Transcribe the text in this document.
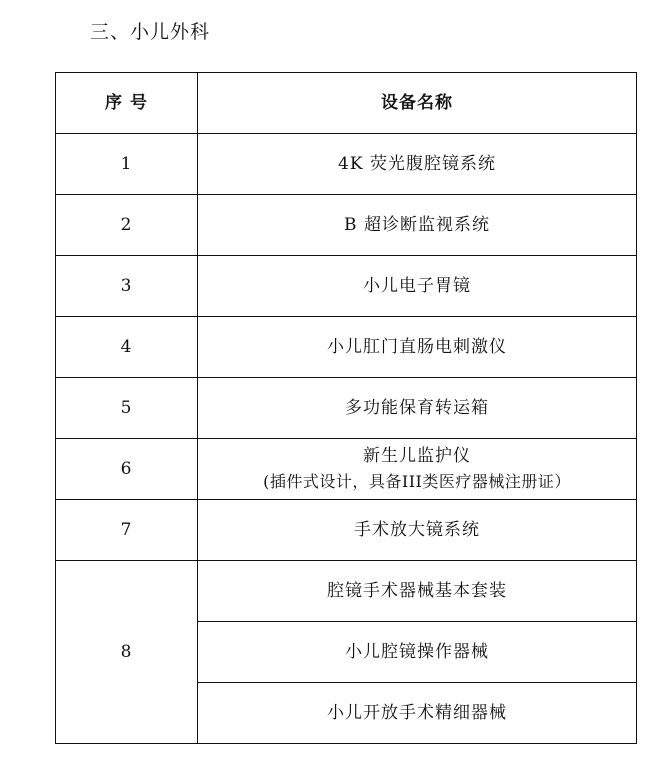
三、小儿外科
序 号	设备名称
1	4K 荧光腹腔镜系统
2	B 超诊断监视系统
3	小儿电子胃镜
4	小儿肛门直肠电刺激仪
5	多功能保育转运箱
6	新生儿监护仪
(插件式设计，具备III类医疗器械注册证）

7	手术放大镜系统
8	腔镜手术器械基本套装
	小儿腔镜操作器械
	小儿开放手术精细器械
